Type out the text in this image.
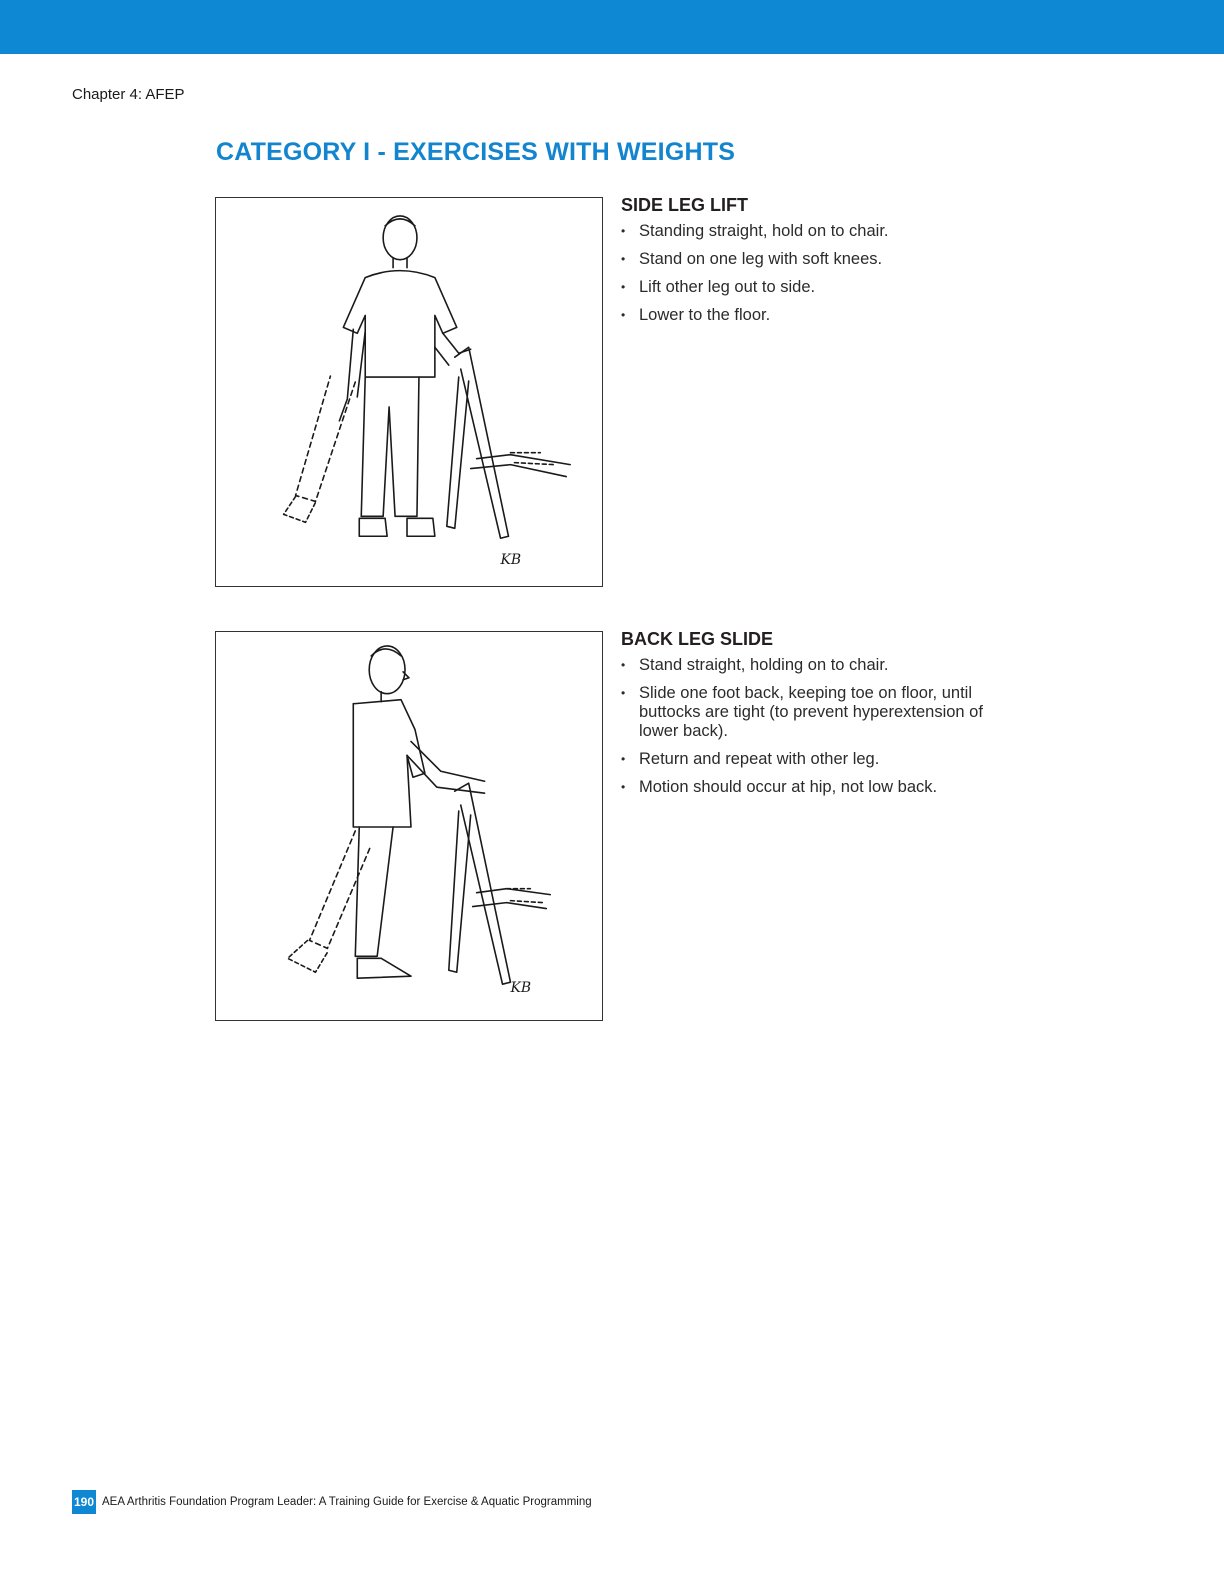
Chapter 4: AFEP
CATEGORY I - EXERCISES WITH WEIGHTS
KB
SIDE LEG LIFT
• Standing straight, hold on to chair.
• Stand on one leg with soft knees.
• Lift other leg out to side.
• Lower to the floor.
KB
BACK LEG SLIDE
• Stand straight, holding on to chair.
• Slide one foot back, keeping toe on floor, until buttocks are tight (to prevent hyperextension of lower back).
• Return and repeat with other leg.
• Motion should occur at hip, not low back.
190 AEA Arthritis Foundation Program Leader: A Training Guide for Exercise & Aquatic Programming
